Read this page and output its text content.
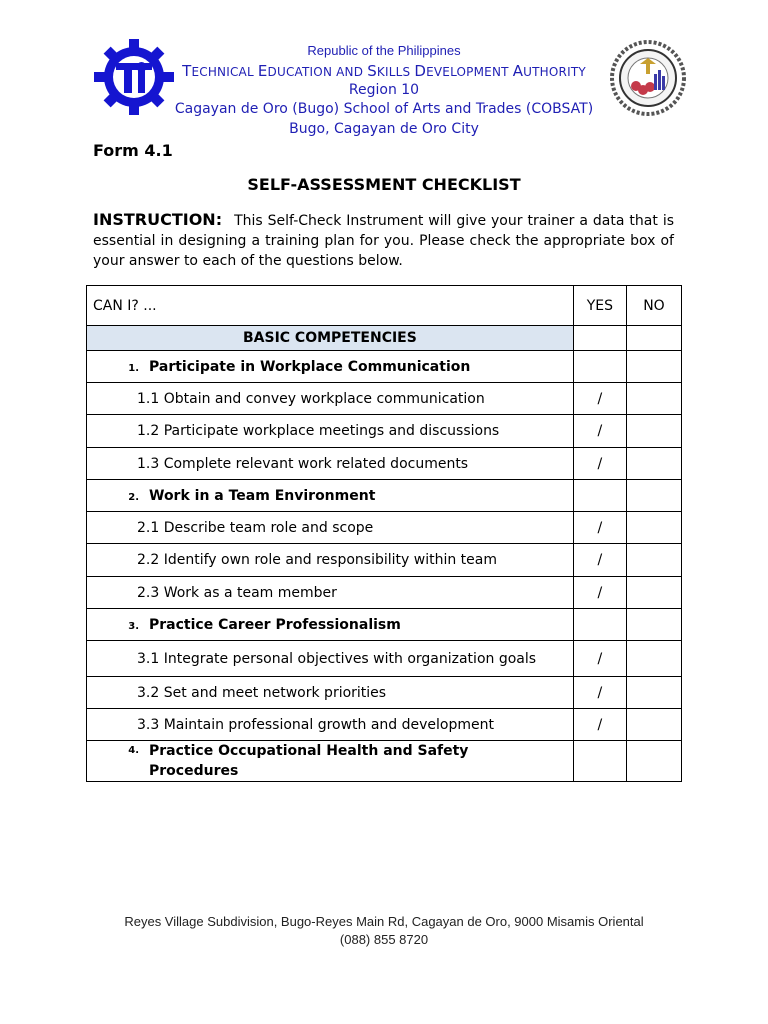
Republic of the Philippines
TECHNICAL EDUCATION AND SKILLS DEVELOPMENT AUTHORITY
Region 10
Cagayan de Oro (Bugo) School of Arts and Trades (COBSAT)
Bugo, Cagayan de Oro City
Form 4.1
SELF-ASSESSMENT CHECKLIST
INSTRUCTION: This Self-Check Instrument will give your trainer a data that is essential in designing a training plan for you. Please check the appropriate box of your answer to each of the questions below.
CAN I? ...	YES	NO
BASIC COMPETENCIES		
1. Participate in Workplace Communication		
1.1 Obtain and convey workplace communication	/	
1.2 Participate workplace meetings and discussions	/	
1.3 Complete relevant work related documents	/	
2. Work in a Team Environment		
2.1 Describe team role and scope	/	
2.2 Identify own role and responsibility within team	/	
2.3 Work as a team member	/	
3. Practice Career Professionalism		
3.1 Integrate personal objectives with organization goals	/	
3.2 Set and meet network priorities	/	
3.3 Maintain professional growth and development	/	
4. Practice Occupational Health and Safety Procedures		
Reyes Village Subdivision, Bugo-Reyes Main Rd, Cagayan de Oro, 9000 Misamis Oriental
(088) 855 8720
